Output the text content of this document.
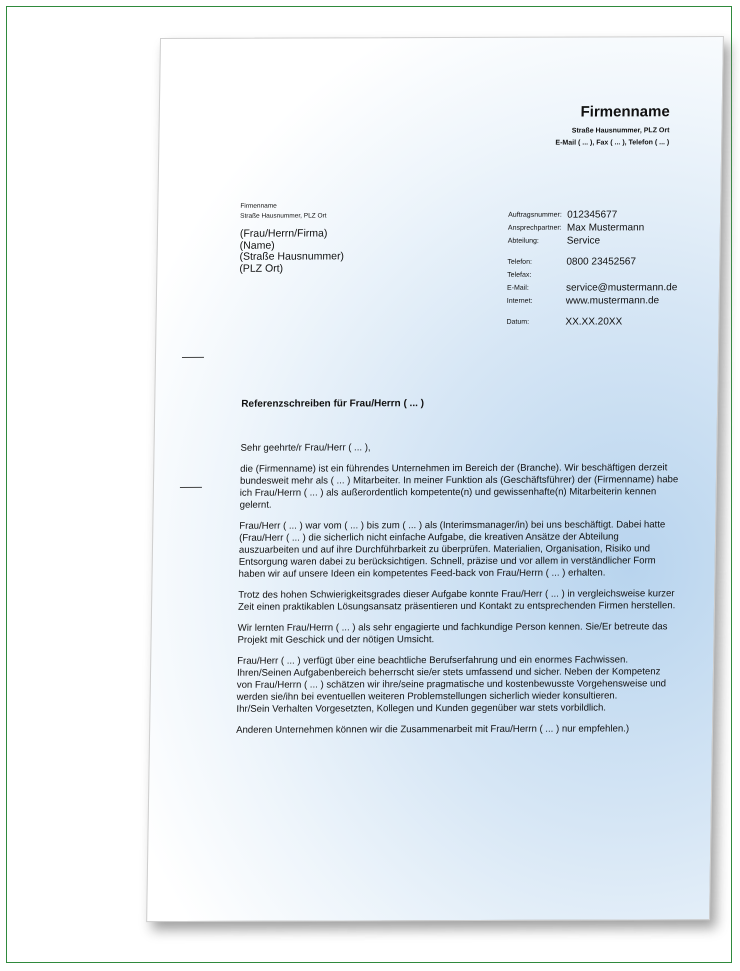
Firmenname
Straße Hausnummer, PLZ Ort
E-Mail ( ... ), Fax ( ... ), Telefon ( ... )
Firmenname
Straße Hausnummer, PLZ Ort
(Frau/Herrn/Firma)
(Name)
(Straße Hausnummer)
(PLZ Ort)
Auftragsnummer: 012345677
Ansprechpartner: Max Mustermann
Abteilung:	Service
Telefon:	0800 23452567
Telefax:
E-Mail:	service@mustermann.de
Internet:	www.mustermann.de
Datum:	XX.XX.20XX
Referenzschreiben für Frau/Herrn ( ... )

Sehr geehrte/r Frau/Herr ( ... ),

die (Firmenname) ist ein führendes Unternehmen im Bereich der (Branche). Wir beschäftigen derzeit
bundesweit mehr als ( ... ) Mitarbeiter. In meiner Funktion als (Geschäftsführer) der (Firmenname) habe
ich Frau/Herrn ( ... ) als außerordentlich kompetente(n) und gewissenhafte(n) Mitarbeiterin kennen
gelernt.
Frau/Herr ( ... ) war vom ( ... ) bis zum ( ... ) als (Interimsmanager/in) bei uns beschäftigt. Dabei hatte
(Frau/Herr ( ... ) die sicherlich nicht einfache Aufgabe, die kreativen Ansätze der Abteilung
auszuarbeiten und auf ihre Durchführbarkeit zu überprüfen. Materialien, Organisation, Risiko und
Entsorgung waren dabei zu berücksichtigen. Schnell, präzise und vor allem in verständlicher Form
haben wir auf unsere Ideen ein kompetentes Feed-back von Frau/Herrn ( ... ) erhalten.
Trotz des hohen Schwierigkeitsgrades dieser Aufgabe konnte Frau/Herr ( ... ) in vergleichsweise kurzer
Zeit einen praktikablen Lösungsansatz präsentieren und Kontakt zu entsprechenden Firmen herstellen.
Wir lernten Frau/Herrn ( ... ) als sehr engagierte und fachkundige Person kennen. Sie/Er betreute das
Projekt mit Geschick und der nötigen Umsicht.
Frau/Herr ( ... ) verfügt über eine beachtliche Berufserfahrung und ein enormes Fachwissen.
Ihren/Seinen Aufgabenbereich beherrscht sie/er stets umfassend und sicher. Neben der Kompetenz
von Frau/Herrn ( ... ) schätzen wir ihre/seine pragmatische und kostenbewusste Vorgehensweise und
werden sie/ihn bei eventuellen weiteren Problemstellungen sicherlich wieder konsultieren.
Ihr/Sein Verhalten Vorgesetzten, Kollegen und Kunden gegenüber war stets vorbildlich.
Anderen Unternehmen können wir die Zusammenarbeit mit Frau/Herrn ( ... ) nur empfehlen.)
